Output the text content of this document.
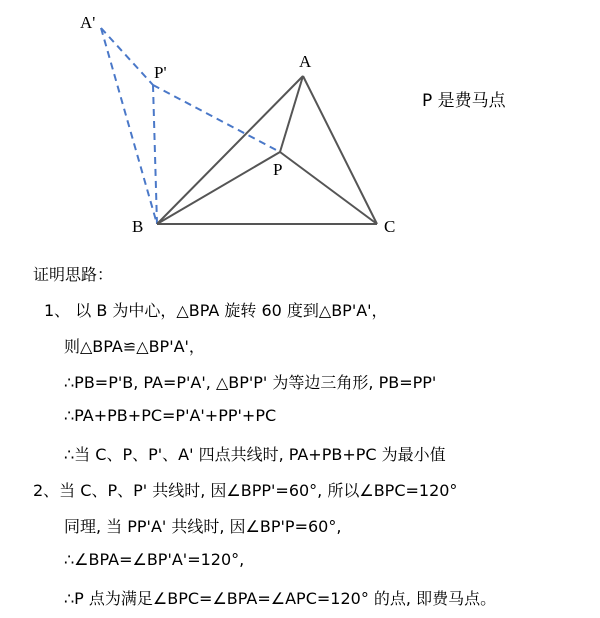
A'
P'
A
P
B	C
P 是费马点

证明思路：

1、 以 B 为中心，△BPA 旋转 60 度到△BP'A'，

则△BPA≌△BP'A'，

∴PB=P'B, PA=P'A', △BP'P' 为等边三角形, PB=PP'

∴PA+PB+PC=P'A'+PP'+PC

∴当 C、P、P'、A' 四点共线时, PA+PB+PC 为最小值

2、当 C、P、P' 共线时, 因∠BPP'=60°, 所以∠BPC=120°

同理, 当 PP'A' 共线时, 因∠BP'P=60°,

∴∠BPA=∠BP'A'=120°,

∴P 点为满足∠BPC=∠BPA=∠APC=120° 的点, 即费马点。
